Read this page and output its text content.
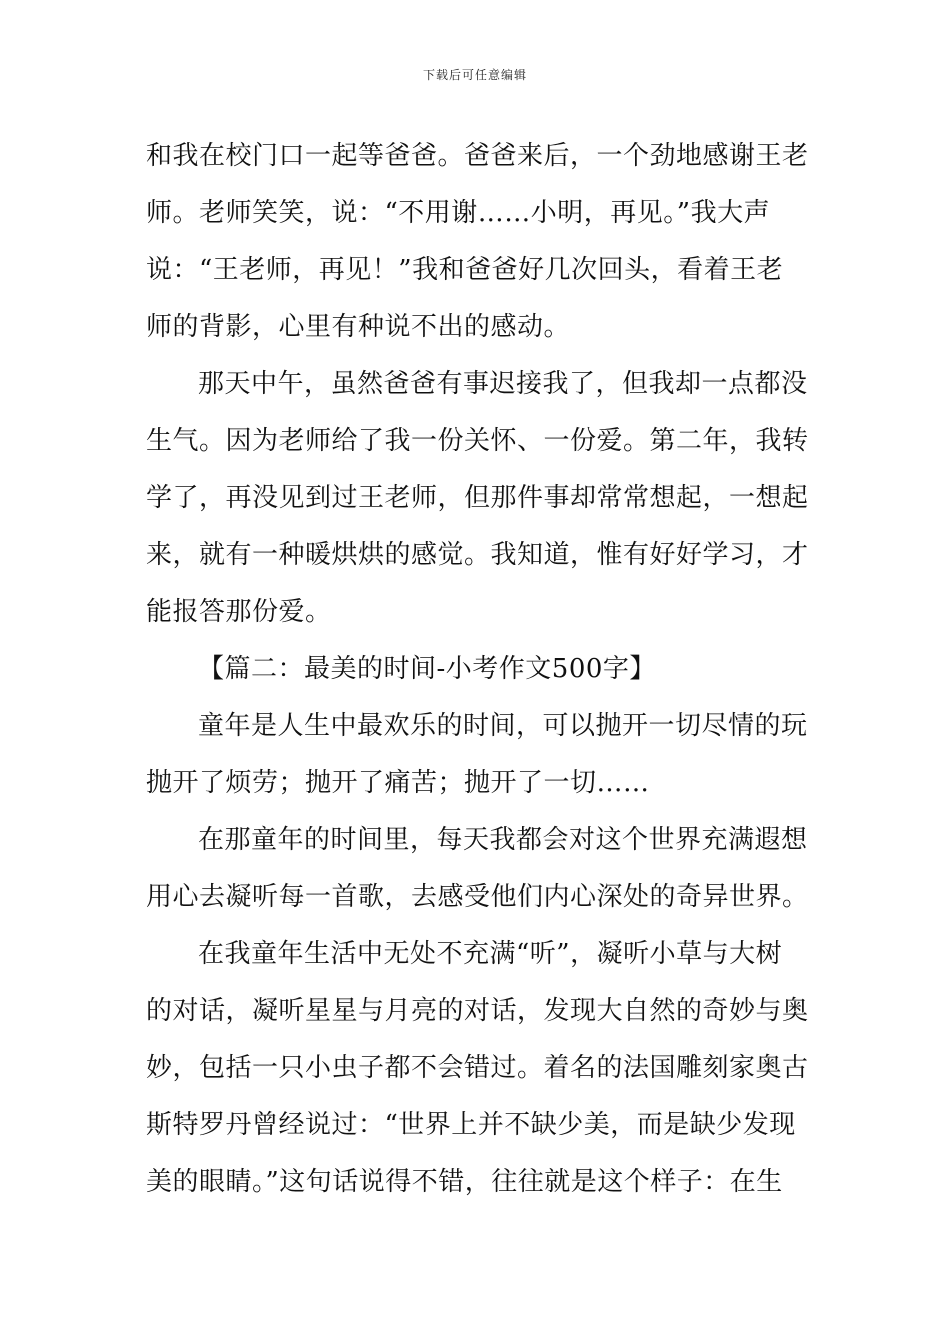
下载后可任意编辑
和我在校门口一起等爸爸。爸爸来后，一个劲地感谢王老
师。老师笑笑，说：“不用谢……小明，再见。”我大声
说：“王老师，再见！”我和爸爸好几次回头，看着王老
师的背影，心里有种说不出的感动。
那天中午，虽然爸爸有事迟接我了，但我却一点都没
生气。因为老师给了我一份关怀、一份爱。第二年，我转
学了，再没见到过王老师，但那件事却常常想起，一想起
来，就有一种暖烘烘的感觉。我知道，惟有好好学习，才
能报答那份爱。
【篇二：最美的时间-小考作文500字】
童年是人生中最欢乐的时间，可以抛开一切尽情的玩
抛开了烦劳；抛开了痛苦；抛开了一切……
在那童年的时间里，每天我都会对这个世界充满遐想
用心去凝听每一首歌，去感受他们内心深处的奇异世界。
在我童年生活中无处不充满“听”，凝听小草与大树
的对话，凝听星星与月亮的对话，发现大自然的奇妙与奥
妙，包括一只小虫子都不会错过。着名的法国雕刻家奥古
斯特罗丹曾经说过：“世界上并不缺少美，而是缺少发现
美的眼睛。”这句话说得不错，往往就是这个样子：在生
